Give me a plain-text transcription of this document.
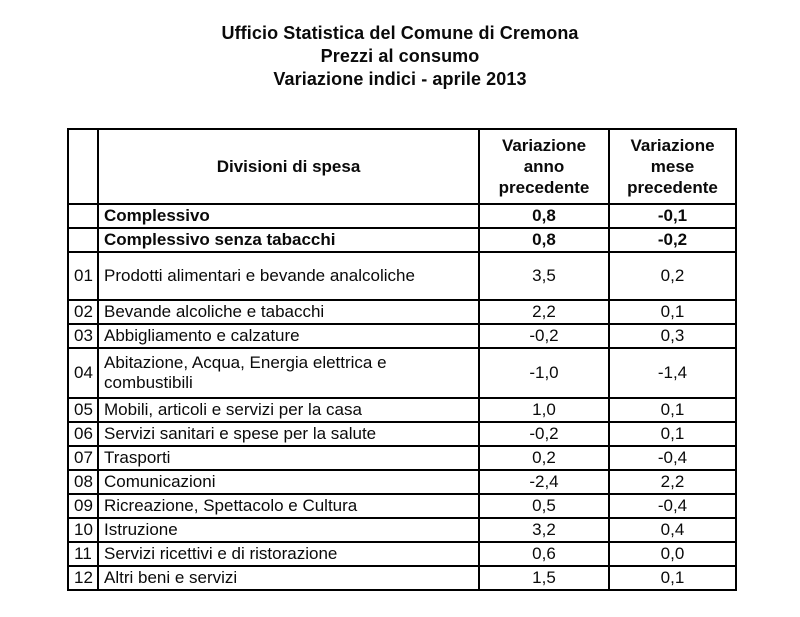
Ufficio Statistica del Comune di Cremona
Prezzi al consumo
Variazione indici - aprile 2013
	Divisioni di spesa	Variazione anno precedente	Variazione mese precedente
	Complessivo	0,8	-0,1
	Complessivo senza tabacchi	0,8	-0,2
01	Prodotti alimentari e bevande analcoliche	3,5	0,2
02	Bevande alcoliche e tabacchi	2,2	0,1
03	Abbigliamento e calzature	-0,2	0,3
04	Abitazione, Acqua, Energia elettrica e combustibili	-1,0	-1,4
05	Mobili, articoli e servizi per la casa	1,0	0,1
06	Servizi sanitari e spese per la salute	-0,2	0,1
07	Trasporti	0,2	-0,4
08	Comunicazioni	-2,4	2,2
09	Ricreazione, Spettacolo e Cultura	0,5	-0,4
10	Istruzione	3,2	0,4
11	Servizi ricettivi e di ristorazione	0,6	0,0
12	Altri beni e servizi	1,5	0,1
